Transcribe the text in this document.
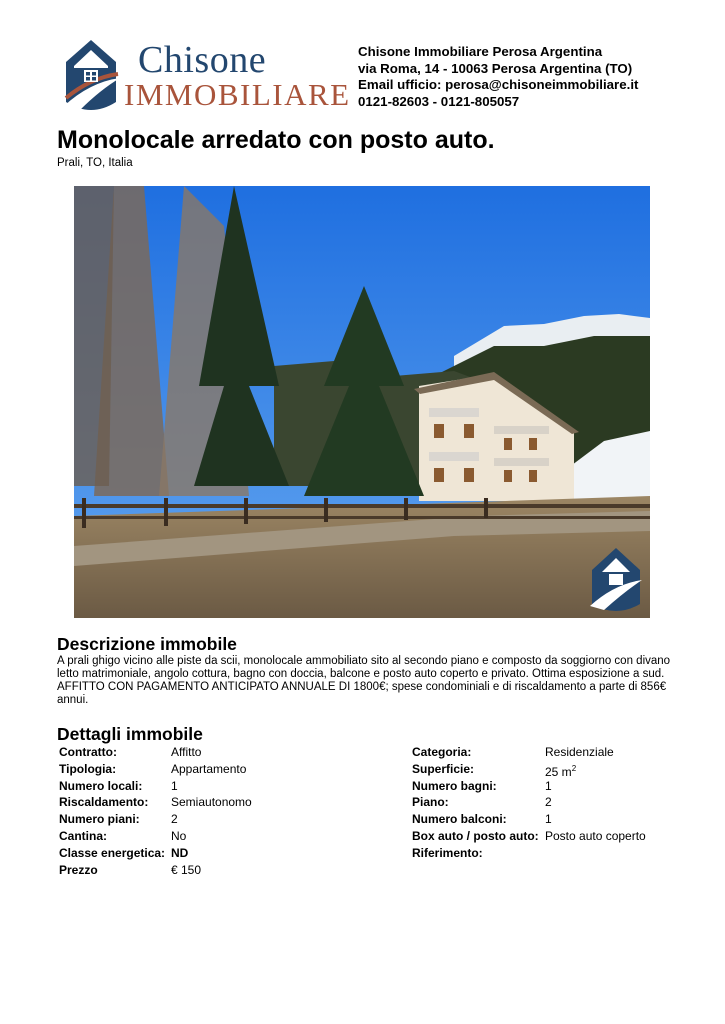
Chisone
IMMOBILIARE
Chisone Immobiliare Perosa Argentina
via Roma, 14 - 10063 Perosa Argentina (TO)
Email ufficio: perosa@chisoneimmobiliare.it
0121-82603 - 0121-805057
Monolocale arredato con posto auto.
Prali, TO, Italia
Descrizione immobile

A prali ghigo vicino alle piste da scii, monolocale ammobiliato sito al secondo piano e composto da soggiorno con divano letto matrimoniale, angolo cottura, bagno con doccia, balcone e posto auto coperto e privato. Ottima esposizione a sud. AFFITTO CON PAGAMENTO ANTICIPATO ANNUALE DI 1800€; spese condominiali e di riscaldamento a parte di 856€ annui.

Dettagli immobile
Contratto:	Affitto
Tipologia:	Appartamento
Numero locali: 1
Riscaldamento: Semiautonomo
Numero piani:	2
Cantina:	No
Classe energetica: ND
Prezzo	€ 150
Categoria:	Residenziale
Superficie:	25 $m^2$
Numero bagni:	1
Piano:	2
Numero balconi:	1
Box auto / posto auto: Posto auto coperto
Riferimento:
